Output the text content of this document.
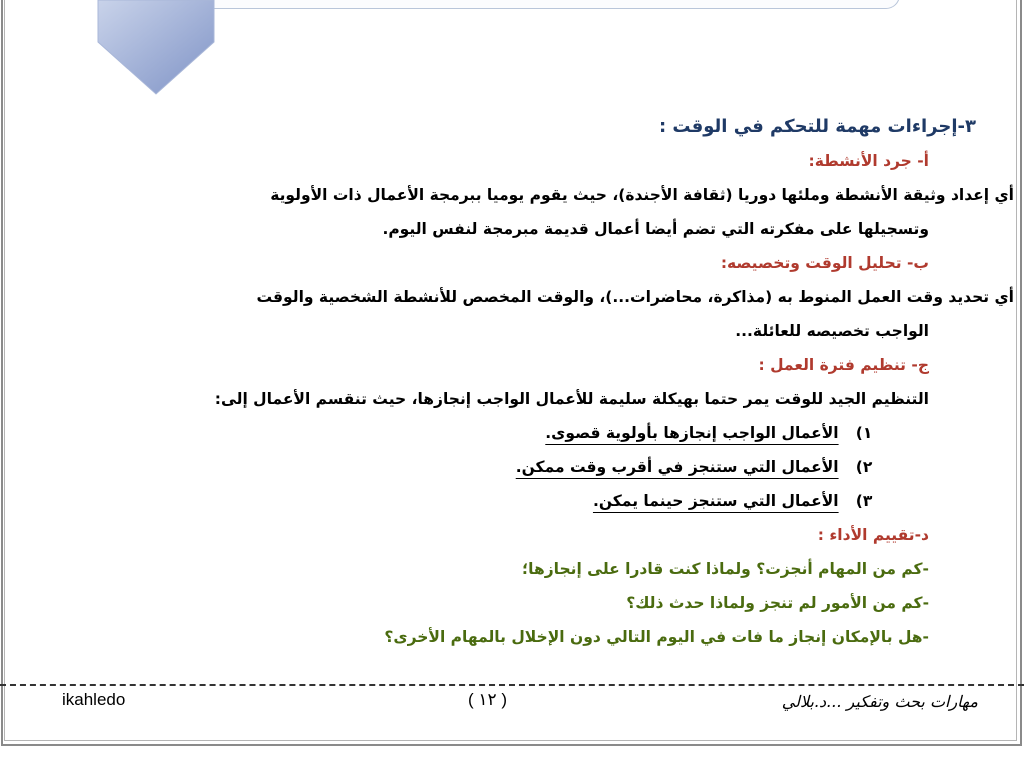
٣-إجراءات مهمة للتحكم في الوقت :
أ- جرد الأنشطة:
أي إعداد وثيقة الأنشطة وملئها دوريا (ثقافة الأجندة)، حيث يقوم يوميا ببرمجة الأعمال ذات الأولوية
وتسجيلها على مفكرته التي تضم أيضا أعمال قديمة مبرمجة لنفس اليوم.
ب- تحليل الوقت وتخصيصه:
أي تحديد وقت العمل المنوط به (مذاكرة، محاضرات...)، والوقت المخصص للأنشطة الشخصية والوقت
الواجب تخصيصه للعائلة...
ج- تنظيم فترة العمل :
التنظيم الجيد للوقت يمر حتما بهيكلة سليمة للأعمال الواجب إنجازها، حيث تنقسم الأعمال إلى:
١) الأعمال الواجب إنجازها بأولوية قصوى.
٢) الأعمال التي ستنجز في أقرب وقت ممكن.
٣) الأعمال التي ستنجز حينما يمكن.
د-تقييم الأداء :
-كم من المهام أنجزت؟ ولماذا كنت قادرا على إنجازها؛
-كم من الأمور لم تنجز ولماذا حدث ذلك؟
-هل بالإمكان إنجاز ما فات في اليوم التالي دون الإخلال بالمهام الأخرى؟
ikahledo	( ١٢ )	مهارات بحث وتفكير ...د.بلالي
